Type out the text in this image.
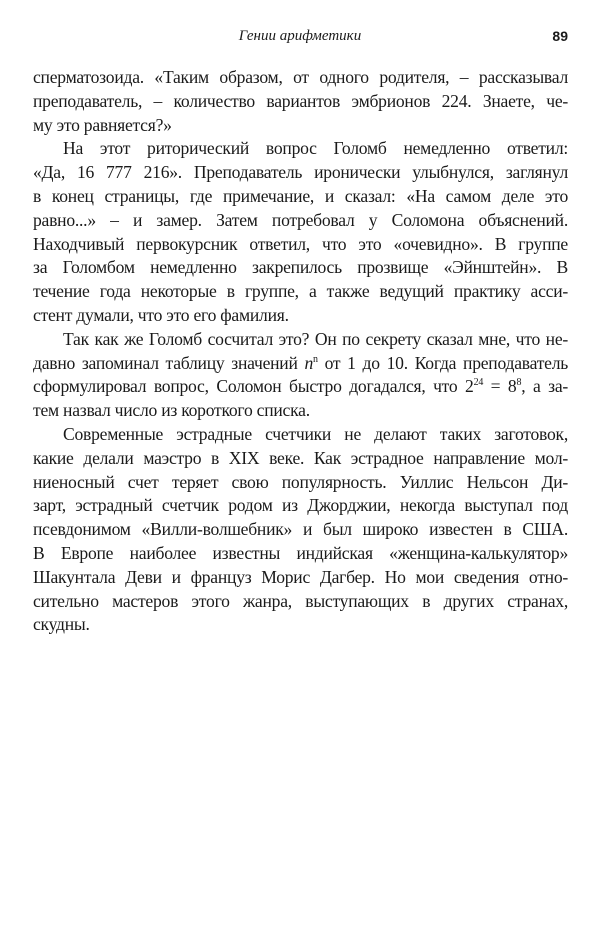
Гении арифметики	89
сперматозоида. «Таким образом, от одного родителя, – рассказывал
преподаватель, – количество вариантов эмбрионов 224. Знаете, че-
му это равняется?»
На этот риторический вопрос Голомб немедленно ответил:
«Да, 16 777 216». Преподаватель иронически улыбнулся, заглянул
в конец страницы, где примечание, и сказал: «На самом деле это
равно...» – и замер. Затем потребовал у Соломона объяснений.
Находчивый первокурсник ответил, что это «очевидно». В группе
за Голомбом немедленно закрепилось прозвище «Эйнштейн». В
течение года некоторые в группе, а также ведущий практику асси-
стент думали, что это его фамилия.
Так как же Голомб сосчитал это? Он по секрету сказал мне, что не-
давно запоминал таблицу значений $n^n$ от 1 до 10. Когда преподаватель
сформулировал вопрос, Соломон быстро догадался, что $2^{24} = 8^8$, а за-
тем назвал число из короткого списка.
Современные эстрадные счетчики не делают таких заготовок,
какие делали маэстро в XIX веке. Как эстрадное направление мол-
ниеносный счет теряет свою популярность. Уиллис Нельсон Ди-
зарт, эстрадный счетчик родом из Джорджии, некогда выступал под
псевдонимом «Вилли-волшебник» и был широко известен в США.
В Европе наиболее известны индийская «женщина-калькулятор»
Шакунтала Деви и француз Морис Дагбер. Но мои сведения отно-
сительно мастеров этого жанра, выступающих в других странах,
скудны.
